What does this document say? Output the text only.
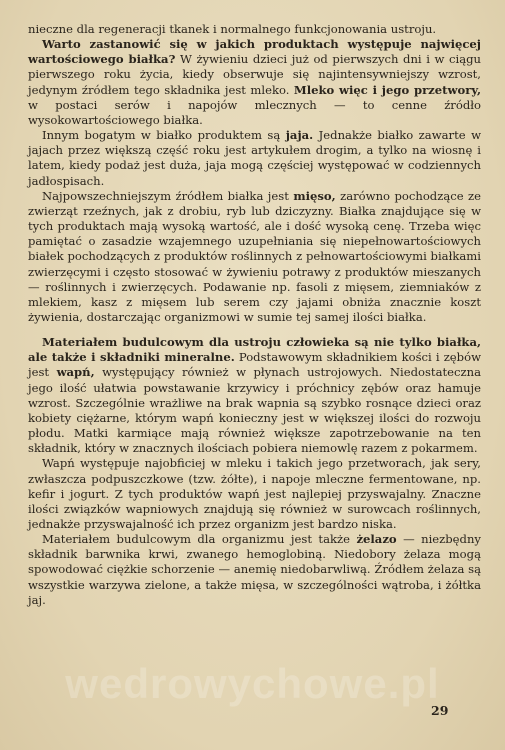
nieczne dla regeneracji tkanek i normalnego funkcjonowania ustroju.

Warto zastanowić się w jakich produktach występuje najwięcej wartościowego białka? W żywieniu dzieci już od pierwszych dni i w ciągu pierwszego roku życia, kiedy obserwuje się najintensywniejszy wzrost, jedynym źródłem tego składnika jest mleko. Mleko więc i jego przetwory, w postaci serów i napojów mlecznych — to cenne źródło wysokowartościowego białka.

Innym bogatym w białko produktem są jaja. Jednakże białko zawarte w jajach przez większą część roku jest artykułem drogim, a tylko na wiosnę i latem, kiedy podaż jest duża, jaja mogą częściej występować w codziennych jadłospisach.

Najpowszechniejszym źródłem białka jest mięso, zarówno pochodzące ze zwierząt rzeźnych, jak z drobiu, ryb lub dziczyzny. Białka znajdujące się w tych produktach mają wysoką wartość, ale i dość wysoką cenę. Trzeba więc pamiętać o zasadzie wzajemnego uzupełniania się niepełnowartościowych białek pochodzących z produktów roślinnych z pełnowartościowymi białkami zwierzęcymi i często stosować w żywieniu potrawy z produktów mieszanych — roślinnych i zwierzęcych. Podawanie np. fasoli z mięsem, ziemniaków z mlekiem, kasz z mięsem lub serem czy jajami obniża znacznie koszt żywienia, dostarczając organizmowi w sumie tej samej ilości białka.

Materiałem budulcowym dla ustroju człowieka są nie tylko białka, ale także i składniki mineralne. Podstawowym składnikiem kości i zębów jest wapń, występujący również w płynach ustrojowych. Niedostateczna jego ilość ułatwia powstawanie krzywicy i próchnicy zębów oraz hamuje wzrost. Szczególnie wrażliwe na brak wapnia są szybko rosnące dzieci oraz kobiety ciężarne, którym wapń konieczny jest w większej ilości do rozwoju płodu. Matki karmiące mają również większe zapotrzebowanie na ten składnik, który w znacznych ilościach pobiera niemowlę razem z pokarmem.

Wapń występuje najobficiej w mleku i takich jego przetworach, jak sery, zwłaszcza podpuszczkowe (tzw. żółte), i napoje mleczne fermentowane, np. kefir i jogurt. Z tych produktów wapń jest najlepiej przyswajalny. Znaczne ilości związków wapniowych znajdują się również w surowcach roślinnych, jednakże przyswajalność ich przez organizm jest bardzo niska.

Materiałem budulcowym dla organizmu jest także żelazo — niezbędny składnik barwnika krwi, zwanego hemoglobiną. Niedobory żelaza mogą spowodować ciężkie schorzenie — anemię niedobarwliwą. Źródłem żelaza są wszystkie warzywa zielone, a także mięsa, w szczególności wątroba, i żółtka jaj.

wedrowychowe.pl
29
